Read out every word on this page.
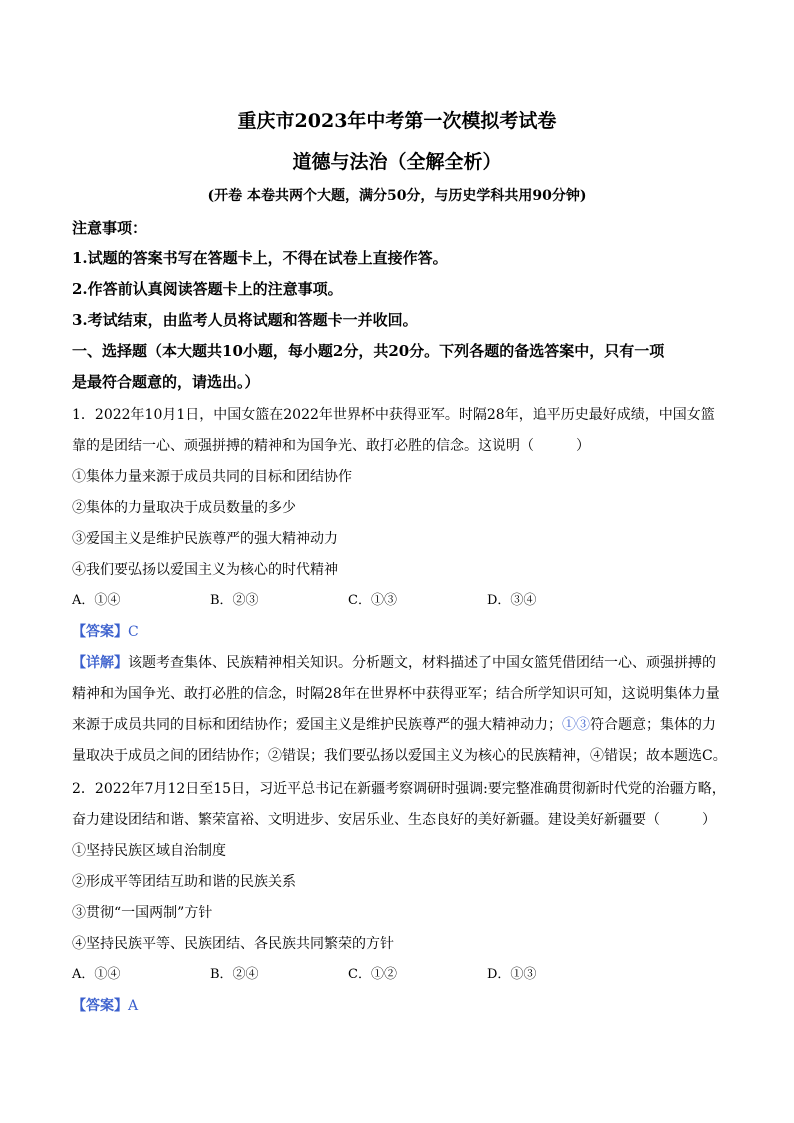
重庆市2023年中考第一次模拟考试卷
道德与法治（全解全析）
(开卷 本卷共两个大题，满分50分，与历史学科共用90分钟)
注意事项：
1.试题的答案书写在答题卡上，不得在试卷上直接作答。
2.作答前认真阅读答题卡上的注意事项。
3.考试结束，由监考人员将试题和答题卡一并收回。
一、选择题（本大题共10小题，每小题2分，共20分。下列各题的备选答案中，只有一项
是最符合题意的，请选出。）
1．2022年10月1日，中国女篮在2022年世界杯中获得亚军。时隔28年，追平历史最好成绩，中国女篮
靠的是团结一心、顽强拼搏的精神和为国争光、敢打必胜的信念。这说明（　　　）
①集体力量来源于成员共同的目标和团结协作
②集体的力量取决于成员数量的多少
③爱国主义是维护民族尊严的强大精神动力
④我们要弘扬以爱国主义为核心的时代精神
A．①④	B．②③	C．①③	D．③④
【答案】C
【详解】该题考查集体、民族精神相关知识。分析题文，材料描述了中国女篮凭借团结一心、顽强拼搏的
精神和为国争光、敢打必胜的信念，时隔28年在世界杯中获得亚军；结合所学知识可知，这说明集体力量
来源于成员共同的目标和团结协作；爱国主义是维护民族尊严的强大精神动力；①③符合题意；集体的力
量取决于成员之间的团结协作；②错误；我们要弘扬以爱国主义为核心的民族精神，④错误；故本题选C。
2．2022年7月12日至15日，习近平总书记在新疆考察调研时强调:要完整准确贯彻新时代党的治疆方略，
奋力建设团结和谐、繁荣富裕、文明进步、安居乐业、生态良好的美好新疆。建设美好新疆要（　　　）
①坚持民族区域自治制度
②形成平等团结互助和谐的民族关系
③贯彻“一国两制”方针
④坚持民族平等、民族团结、各民族共同繁荣的方针
A．①④	B．②④	C．①②	D．①③
【答案】A
